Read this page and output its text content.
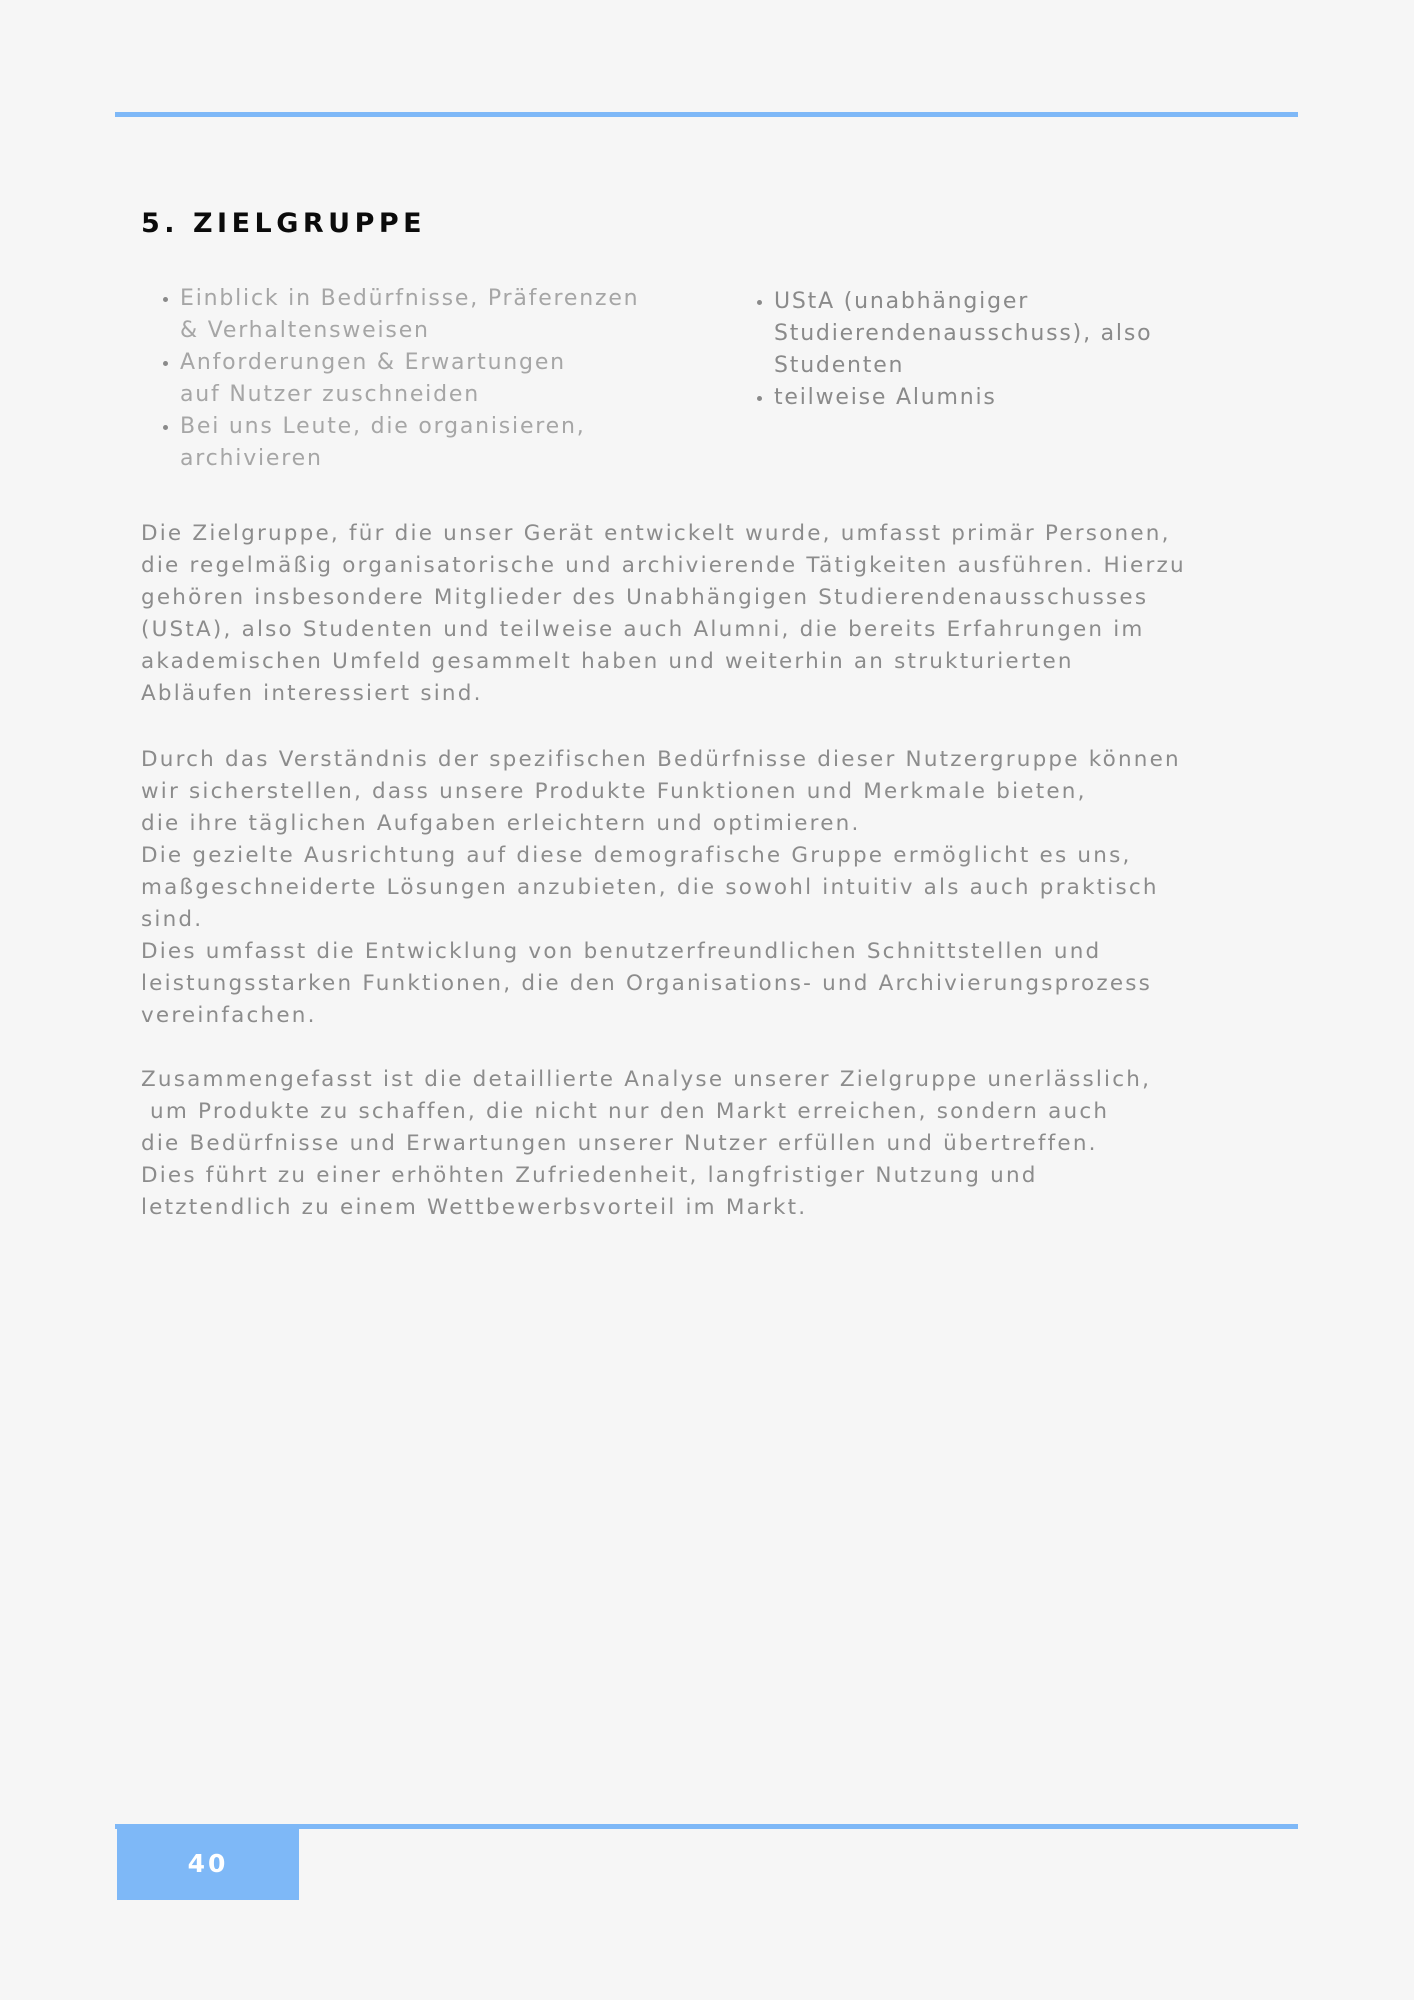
5. ZIELGRUPPE
• Einblick in Bedürfnisse, Präferenzen
& Verhaltensweisen
• Anforderungen & Erwartungen
auf Nutzer zuschneiden
• Bei uns Leute, die organisieren,
archivieren
• UStA (unabhängiger
Studierendenausschuss), also
Studenten
• teilweise Alumnis

Die Zielgruppe, für die unser Gerät entwickelt wurde, umfasst primär Personen,
die regelmäßig organisatorische und archivierende Tätigkeiten ausführen. Hierzu
gehören insbesondere Mitglieder des Unabhängigen Studierendenausschusses
(UStA), also Studenten und teilweise auch Alumni, die bereits Erfahrungen im
akademischen Umfeld gesammelt haben und weiterhin an strukturierten
Abläufen interessiert sind.

Durch das Verständnis der spezifischen Bedürfnisse dieser Nutzergruppe können
wir sicherstellen, dass unsere Produkte Funktionen und Merkmale bieten,
die ihre täglichen Aufgaben erleichtern und optimieren.
Die gezielte Ausrichtung auf diese demografische Gruppe ermöglicht es uns,
maßgeschneiderte Lösungen anzubieten, die sowohl intuitiv als auch praktisch
sind.
Dies umfasst die Entwicklung von benutzerfreundlichen Schnittstellen und
leistungsstarken Funktionen, die den Organisations- und Archivierungsprozess
vereinfachen.

Zusammengefasst ist die detaillierte Analyse unserer Zielgruppe unerlässlich,
um Produkte zu schaffen, die nicht nur den Markt erreichen, sondern auch
die Bedürfnisse und Erwartungen unserer Nutzer erfüllen und übertreffen.
Dies führt zu einer erhöhten Zufriedenheit, langfristiger Nutzung und
letztendlich zu einem Wettbewerbsvorteil im Markt.

40
